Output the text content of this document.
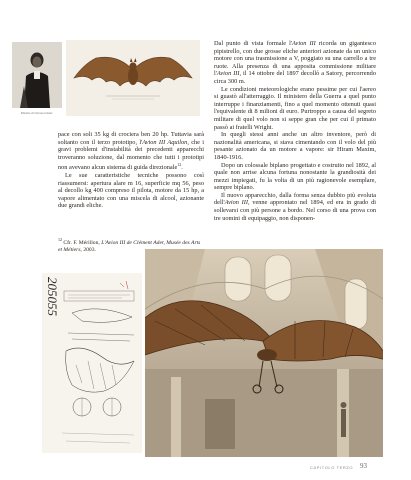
Ritratto di Clément Ader.

pace con soli 35 kg di crociera ben 20 hp. Tuttavia sarà soltanto con il terzo prototipo, l'Avion III Aquilon, che i gravi problemi d'instabilità dei precedenti apparecchi troveranno soluzione, dal momento che tutti i prototipi non avevano alcun sistema di guida direzionale$^{12}$.

Le sue caratteristiche tecniche possono così riassumersi: apertura alare m 16, superficie mq 56, peso al decollo kg 400 compreso il pilota, motore da 15 hp, a vapore alimentato con una miscela di alcool, azionante due grandi eliche.

$^{12}$ Cfr. F. Mérillon, L'Avion III de Clément Ader, Musée des Arts et Métiers, 2003.

Dal punto di vista formale l'Avion III ricorda un gigantesco pipistrello, con due grosse eliche anteriori azionate da un unico motore con una trasmissione a V, poggiato su una carrello a tre ruote. Alla presenza di una apposita commissione militare l'Avion III, il 14 ottobre del 1897 decollò a Satory, percorrendo circa 300 m.

Le condizioni meteorologiche erano pessime per cui l'aereo si guastò all'atterraggio. Il ministero della Guerra a quel punto interruppe i finanziamenti, fino a quel momento ottenuti quasi l'equivalente di 8 milioni di euro. Purtroppo a causa del segreto militare di quel volo non si seppe gran che per cui il primato passò ai fratelli Wright.

In quegli stessi anni anche un altro inventore, però di nazionalità americana, si stava cimentando con il volo del più pesante azionato da un motore a vapore: sir Hiram Maxim, 1840-1916.

Dopo un colossale biplano progettato e costruito nel 1892, al quale non arrise alcuna fortuna nonostante la grandiosità dei mezzi impiegati, fu la volta di un più ragionevole esemplare, sempre biplano.

Il nuovo apparecchio, dalla forma senza dubbio più evoluta dell'Avion III, venne approntato nel 1894, ed era in grado di sollevarsi con più persone a bordo. Nel corso di una prova con tre uomini di equipaggio, non disponen-

205055
CAPITOLO TERZO 93
